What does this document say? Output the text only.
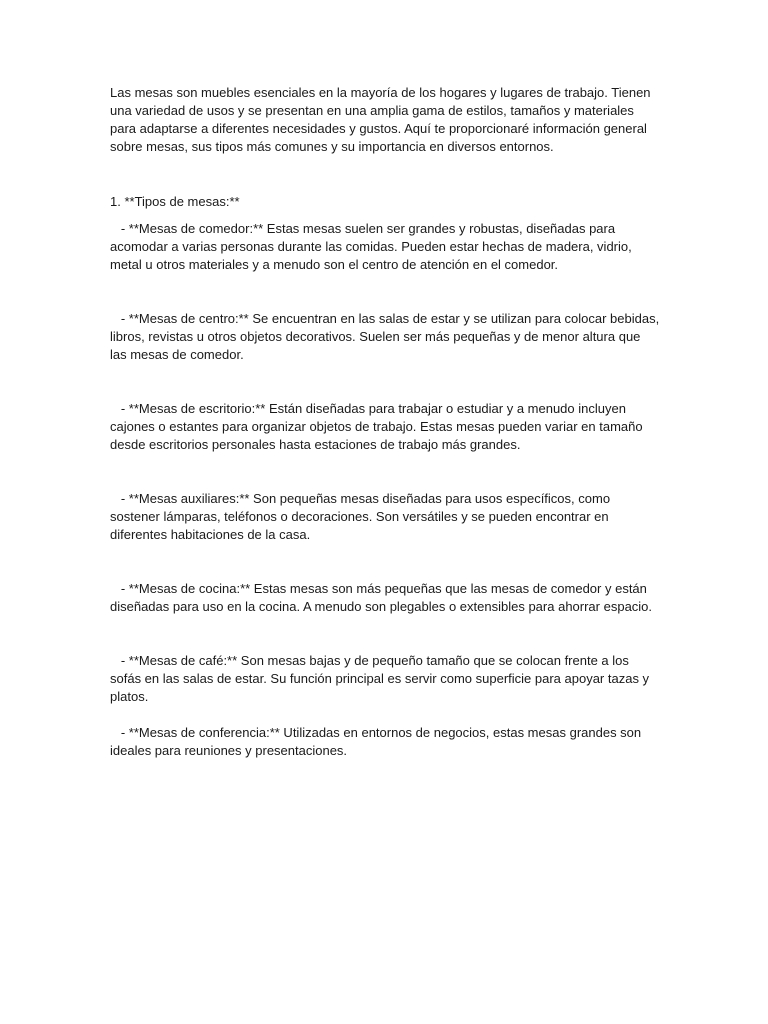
Las mesas son muebles esenciales en la mayoría de los hogares y lugares de trabajo. Tienen una variedad de usos y se presentan en una amplia gama de estilos, tamaños y materiales para adaptarse a diferentes necesidades y gustos. Aquí te proporcionaré información general sobre mesas, sus tipos más comunes y su importancia en diversos entornos.

1. **Tipos de mesas:**

- **Mesas de comedor:** Estas mesas suelen ser grandes y robustas, diseñadas para acomodar a varias personas durante las comidas. Pueden estar hechas de madera, vidrio, metal u otros materiales y a menudo son el centro de atención en el comedor.

- **Mesas de centro:** Se encuentran en las salas de estar y se utilizan para colocar bebidas, libros, revistas u otros objetos decorativos. Suelen ser más pequeñas y de menor altura que las mesas de comedor.

- **Mesas de escritorio:** Están diseñadas para trabajar o estudiar y a menudo incluyen cajones o estantes para organizar objetos de trabajo. Estas mesas pueden variar en tamaño desde escritorios personales hasta estaciones de trabajo más grandes.

- **Mesas auxiliares:** Son pequeñas mesas diseñadas para usos específicos, como sostener lámparas, teléfonos o decoraciones. Son versátiles y se pueden encontrar en diferentes habitaciones de la casa.

- **Mesas de cocina:** Estas mesas son más pequeñas que las mesas de comedor y están diseñadas para uso en la cocina. A menudo son plegables o extensibles para ahorrar espacio.

- **Mesas de café:** Son mesas bajas y de pequeño tamaño que se colocan frente a los sofás en las salas de estar. Su función principal es servir como superficie para apoyar tazas y platos.

- **Mesas de conferencia:** Utilizadas en entornos de negocios, estas mesas grandes son ideales para reuniones y presentaciones.
